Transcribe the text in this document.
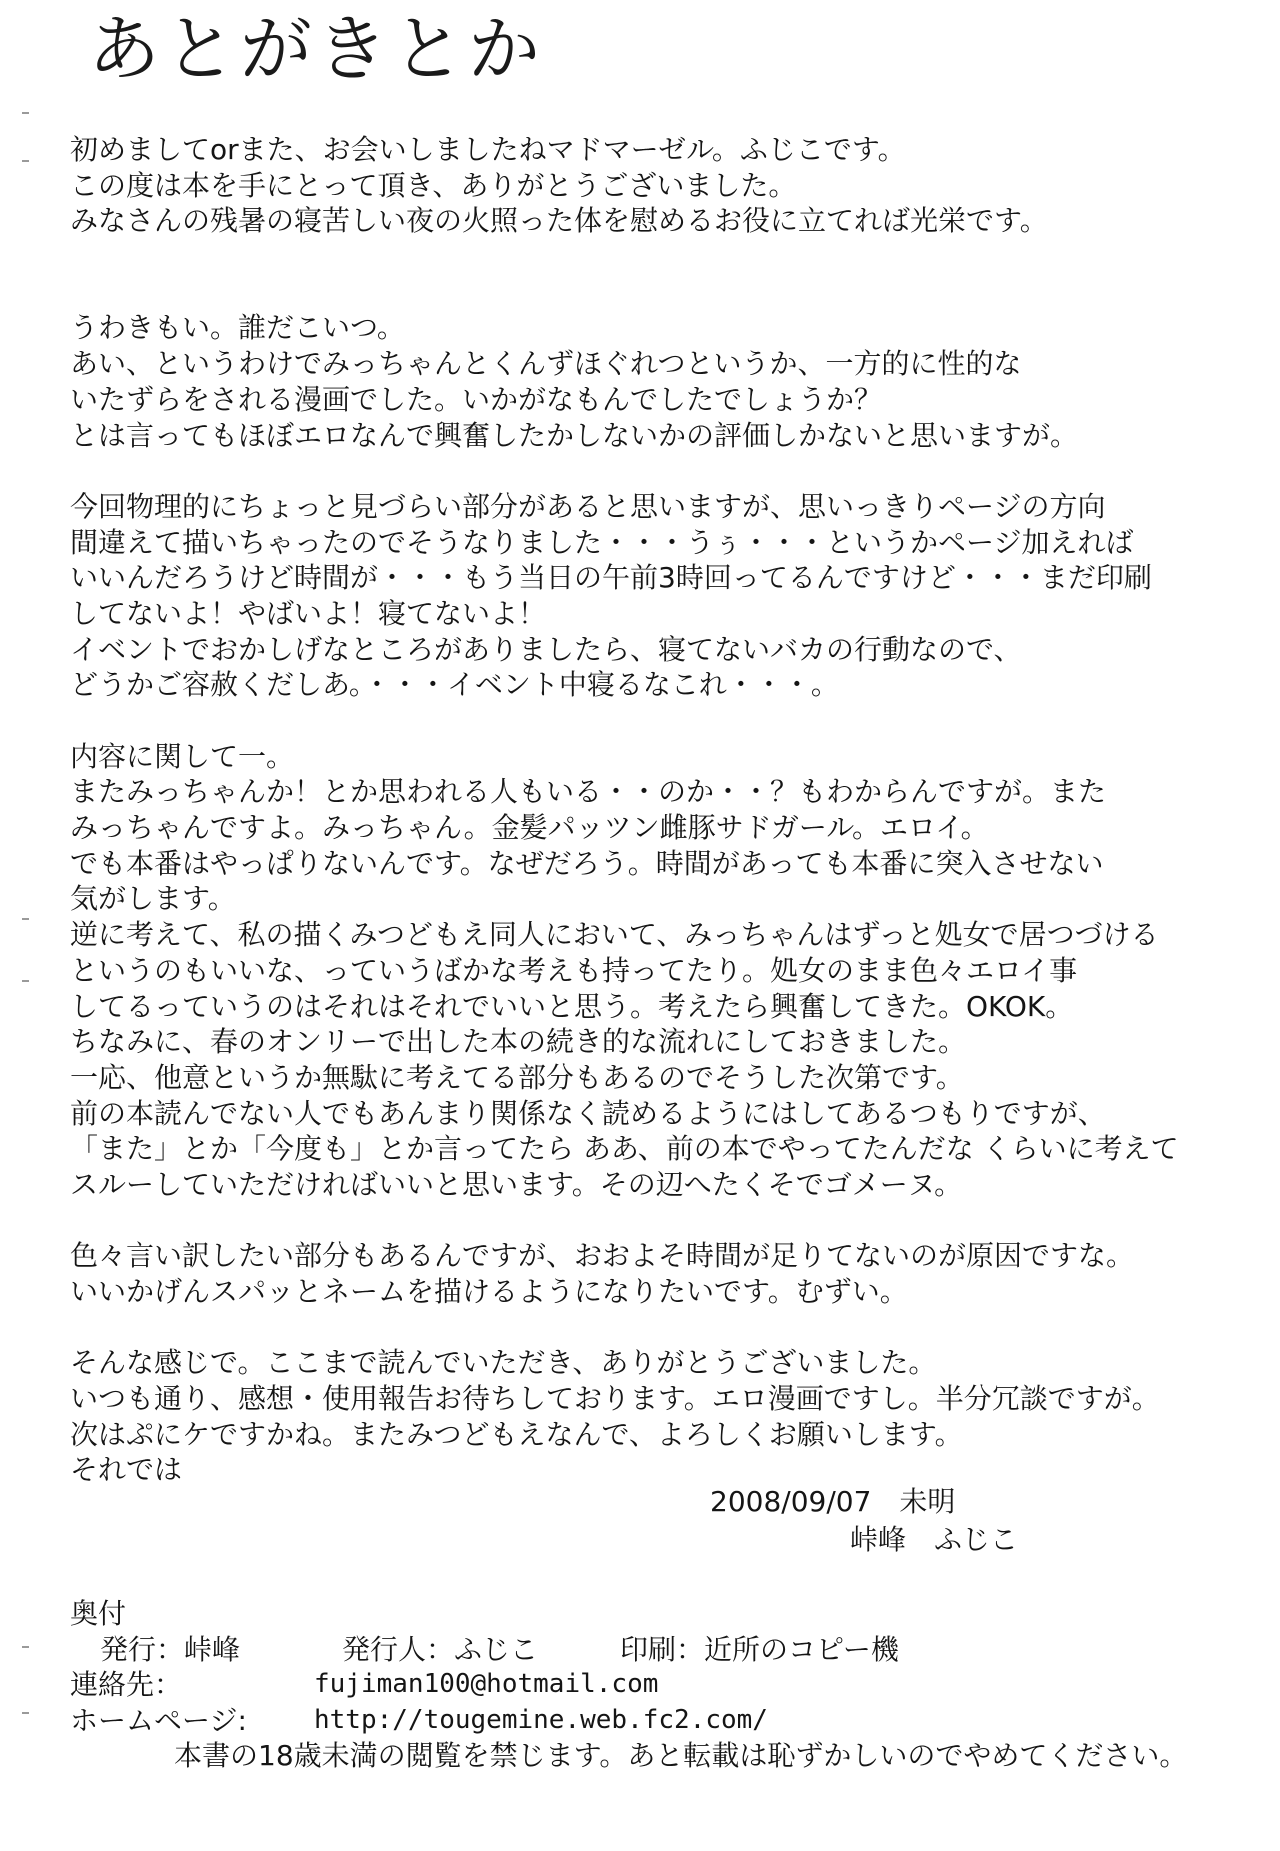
あとがきとか
初めましてorまた、お会いしましたねマドマーゼル。ふじこです。
この度は本を手にとって頂き、ありがとうございました。
みなさんの残暑の寝苦しい夜の火照った体を慰めるお役に立てれば光栄です。
うわきもい。誰だこいつ。
あい、というわけでみっちゃんとくんずほぐれつというか、一方的に性的な
いたずらをされる漫画でした。いかがなもんでしたでしょうか？
とは言ってもほぼエロなんで興奮したかしないかの評価しかないと思いますが。
今回物理的にちょっと見づらい部分があると思いますが、思いっきりページの方向
間違えて描いちゃったのでそうなりました・・・うぅ・・・というかページ加えれば
いいんだろうけど時間が・・・もう当日の午前3時回ってるんですけど・・・まだ印刷
してないよ！やばいよ！寝てないよ！
イベントでおかしげなところがありましたら、寝てないバカの行動なので、
どうかご容赦くだしあ。・・・イベント中寝るなこれ・・・。
内容に関して一。
またみっちゃんか！とか思われる人もいる・・のか・・？もわからんですが。また
みっちゃんですよ。みっちゃん。金髪パッツン雌豚サドガール。エロイ。
でも本番はやっぱりないんです。なぜだろう。時間があっても本番に突入させない
気がします。
逆に考えて、私の描くみつどもえ同人において、みっちゃんはずっと処女で居つづける
というのもいいな、っていうばかな考えも持ってたり。処女のまま色々エロイ事
してるっていうのはそれはそれでいいと思う。考えたら興奮してきた。OKOK。
ちなみに、春のオンリーで出した本の続き的な流れにしておきました。
一応、他意というか無駄に考えてる部分もあるのでそうした次第です。
前の本読んでない人でもあんまり関係なく読めるようにはしてあるつもりですが、
「また」とか「今度も」とか言ってたら ああ、前の本でやってたんだな くらいに考えて
スルーしていただければいいと思います。その辺へたくそでゴメーヌ。
色々言い訳したい部分もあるんですが、おおよそ時間が足りてないのが原因ですな。
いいかげんスパッとネームを描けるようになりたいです。むずい。
そんな感じで。ここまで読んでいただき、ありがとうございました。
いつも通り、感想・使用報告お待ちしております。エロ漫画ですし。半分冗談ですが。
次はぷにケですかね。またみつどもえなんで、よろしくお願いします。
それでは
2008/09/07　未明
峠峰　ふじこ
奥付
発行：峠峰	発行人：ふじこ	印刷：近所のコピー機
連絡先：	fujiman100@hotmail.com
ホームページ:	http://tougemine.web.fc2.com/
本書の18歳未満の閲覧を禁じます。あと転載は恥ずかしいのでやめてください。
